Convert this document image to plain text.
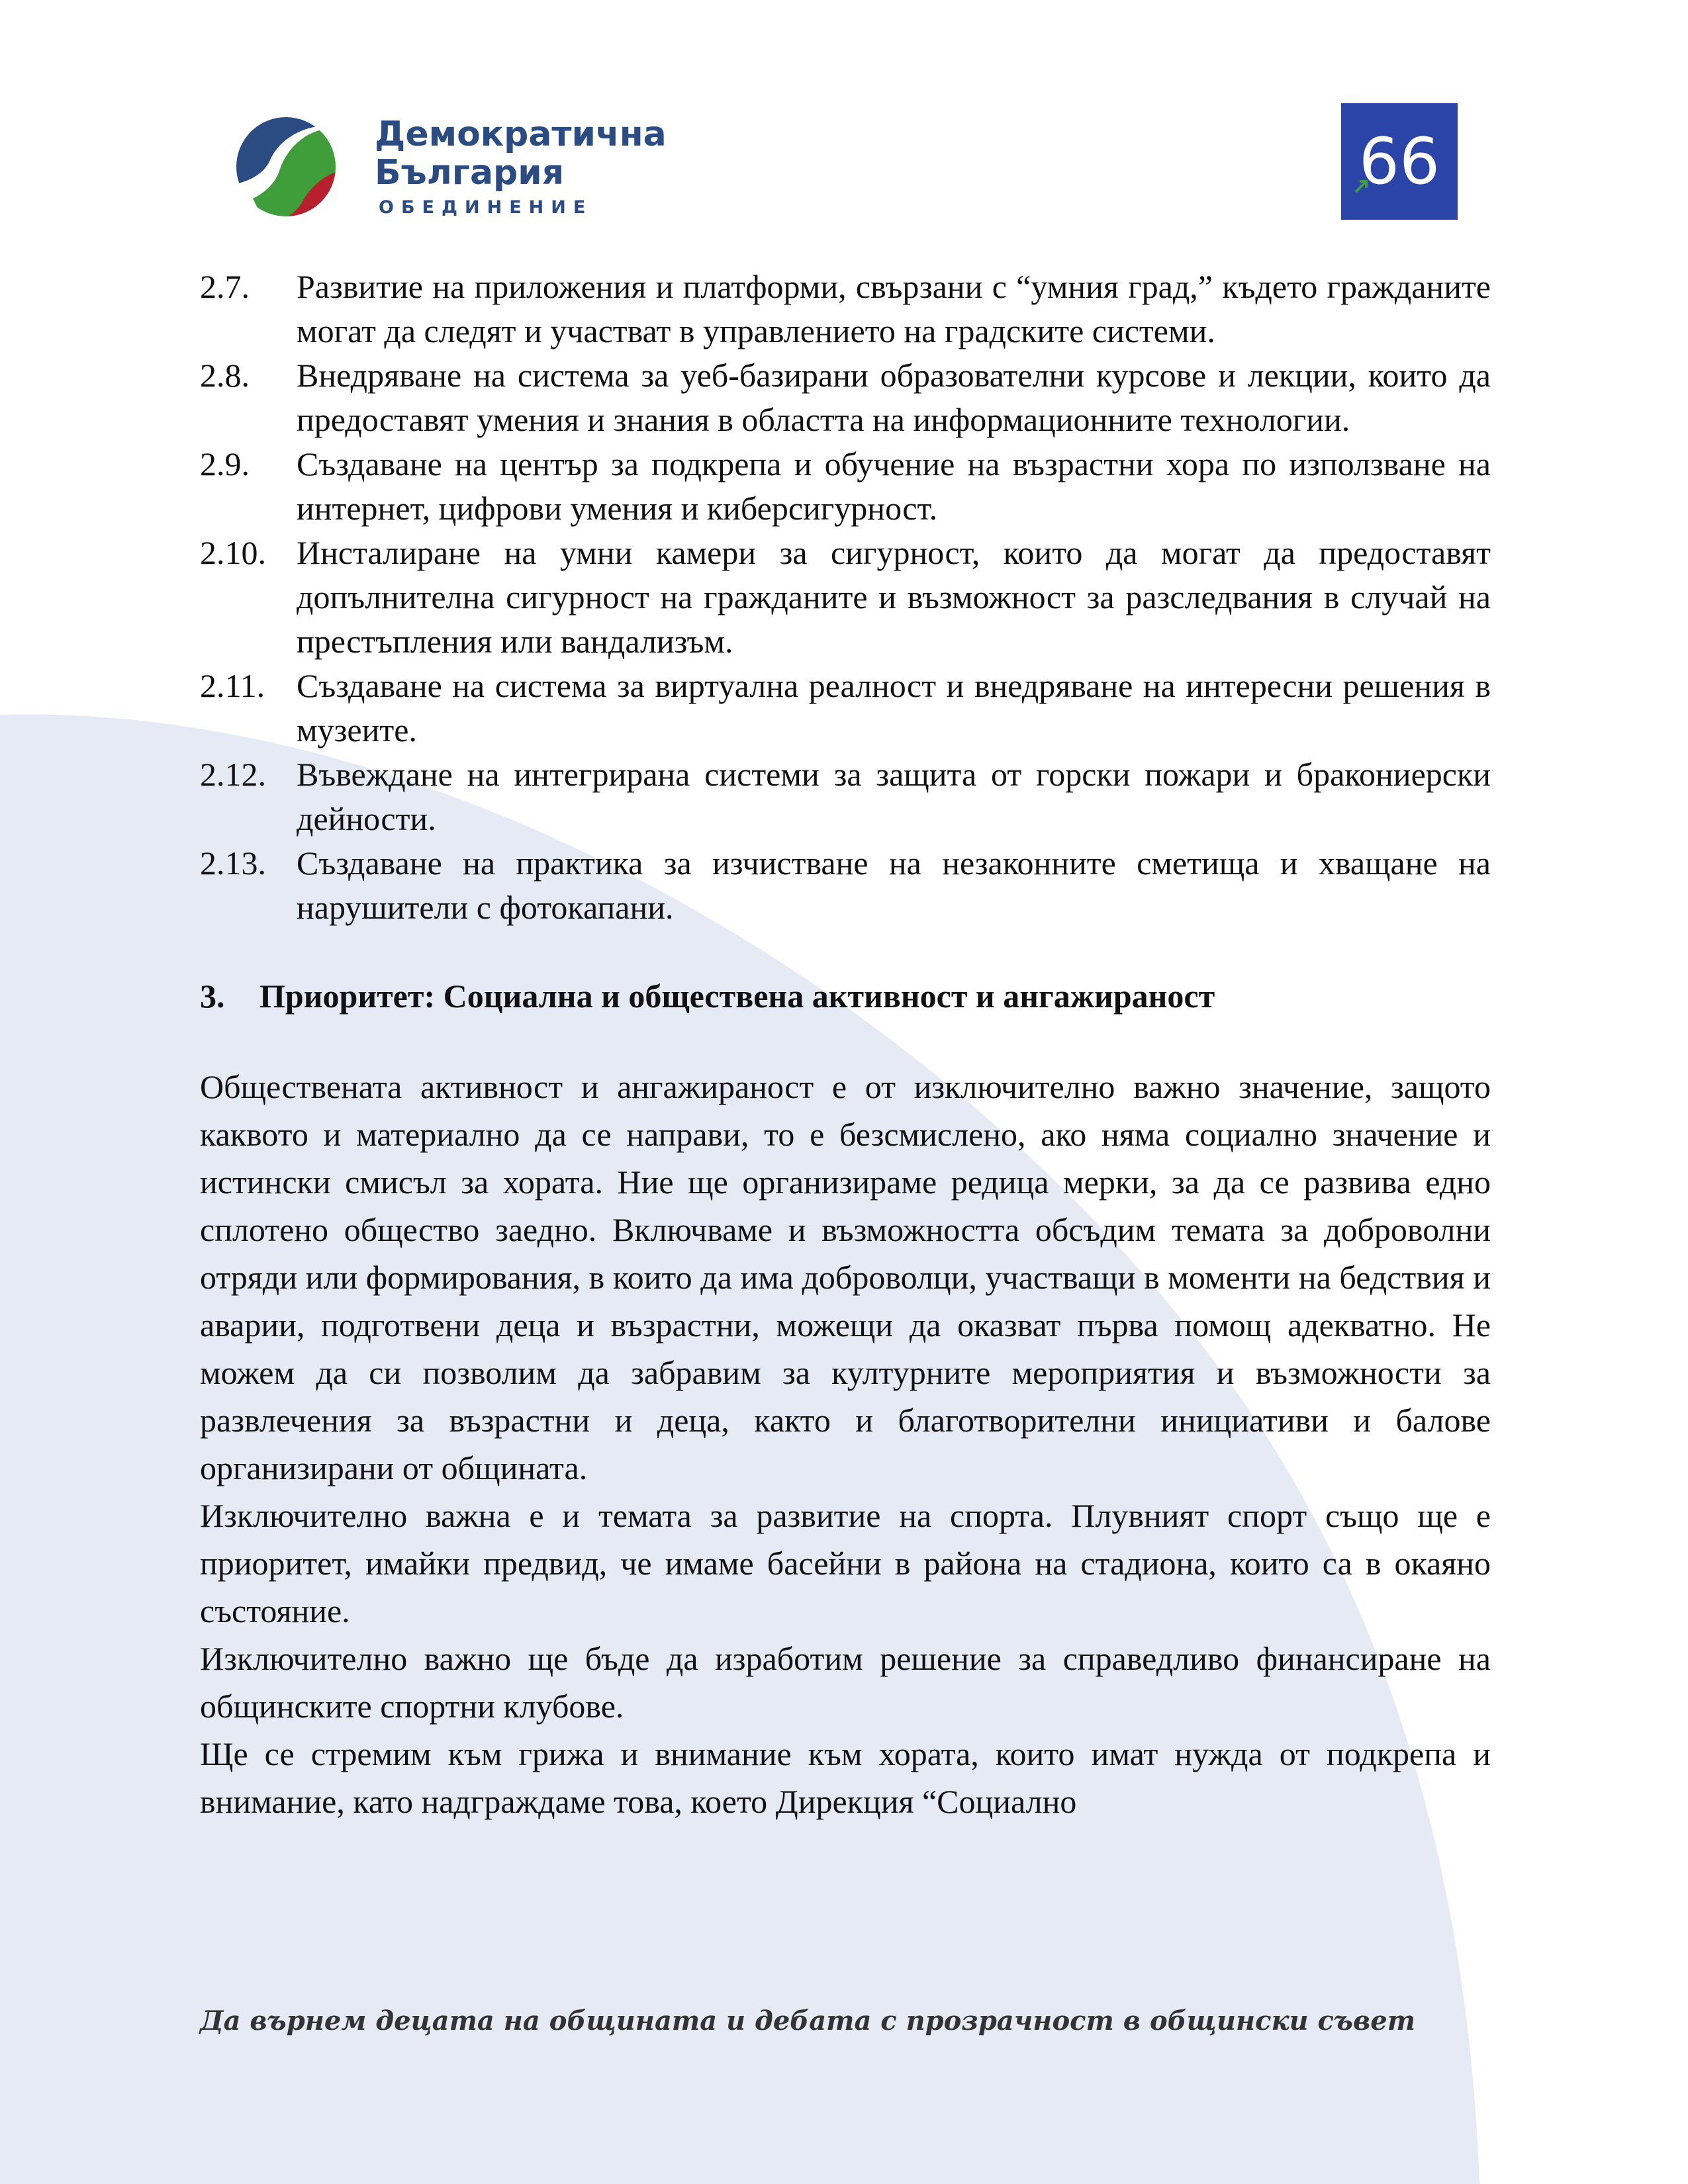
Демократична
България
ОБЕДИНЕНИЕ
66
2.7. Развитие на приложения и платформи, свързани с “умния град,” където гражданите могат да следят и участват в управлението на градските системи.
2.8. Внедряване на система за уеб-базирани образователни курсове и лекции, които да предоставят умения и знания в областта на информационните технологии.
2.9. Създаване на център за подкрепа и обучение на възрастни хора по използване на интернет, цифрови умения и киберсигурност.
2.10. Инсталиране на умни камери за сигурност, които да могат да предоставят допълнителна сигурност на гражданите и възможност за разследвания в случай на престъпления или вандализъм.
2.11. Създаване на система за виртуална реалност и внедряване на интересни решения в музеите.
2.12. Въвеждане на интегрирана системи за защита от горски пожари и бракониерски дейности.
2.13. Създаване на практика за изчистване на незаконните сметища и хващане на нарушители с фотокапани.
3. Приоритет: Социална и обществена активност и ангажираност

Обществената активност и ангажираност е от изключително важно значение, защото каквото и материално да се направи, то е безсмислено, ако няма социално значение и истински смисъл за хората. Ние ще организираме редица мерки, за да се развива едно сплотено общество заедно. Включваме и възможността обсъдим темата за доброволни отряди или формирования, в които да има доброволци, участващи в моменти на бедствия и аварии, подготвени деца и възрастни, можещи да оказват първа помощ адекватно. Не можем да си позволим да забравим за културните мероприятия и възможности за развлечения за възрастни и деца, както и благотворителни инициативи и балове организирани от общината.

Изключително важна е и темата за развитие на спорта. Плувният спорт също ще е приоритет, имайки предвид, че имаме басейни в района на стадиона, които са в окаяно състояние.

Изключително важно ще бъде да изработим решение за справедливо финансиране на общинските спортни клубове.

Ще се стремим към грижа и внимание към хората, които имат нужда от подкрепа и внимание, като надграждаме това, което Дирекция “Социално

Да върнем децата на общината и дебата с прозрачност в общински съвет
